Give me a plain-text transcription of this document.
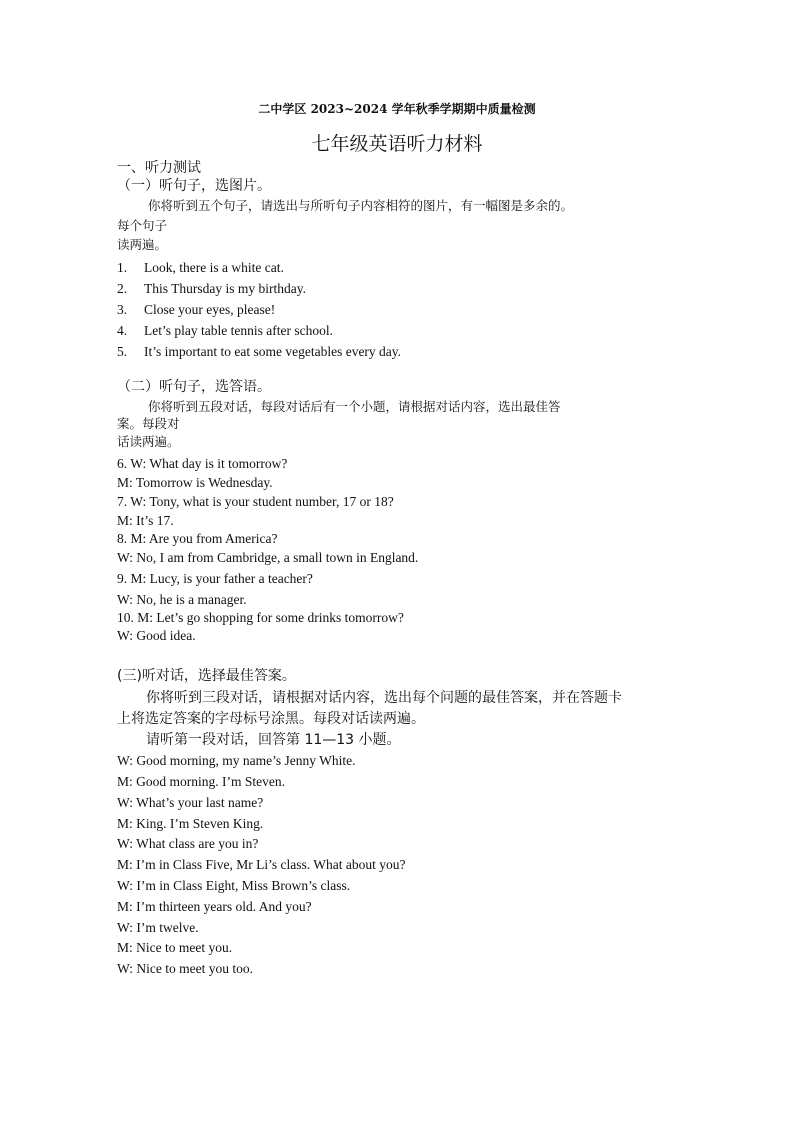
二中学区 2023~2024 学年秋季学期期中质量检测
七年级英语听力材料
一、听力测试
（一）听句子，选图片。
你将听到五个句子，请选出与所听句子内容相符的图片，有一幅图是多余的。
每个句子
读两遍。
1. Look, there is a white cat.
2. This Thursday is my birthday.
3. Close your eyes, please!
4. Let’s play table tennis after school.
5. It’s important to eat some vegetables every day.
（二）听句子，选答语。
你将听到五段对话，每段对话后有一个小题，请根据对话内容，选出最佳答
案。每段对
话读两遍。
6. W: What day is it tomorrow?
M: Tomorrow is Wednesday.
7. W: Tony, what is your student number, 17 or 18?
M: It’s 17.
8. M: Are you from America?
W: No, I am from Cambridge, a small town in England.
9. M: Lucy, is your father a teacher?
W: No, he is a manager.
10. M: Let’s go shopping for some drinks tomorrow?
W: Good idea.
(三)听对话，选择最佳答案。
你将听到三段对话，请根据对话内容，选出每个问题的最佳答案，并在答题卡
上将选定答案的字母标号涂黑。每段对话读两遍。
请听第一段对话，回答第 11—13 小题。
W: Good morning, my name’s Jenny White.
M: Good morning. I’m Steven.
W: What’s your last name?
M: King. I’m Steven King.
W: What class are you in?
M: I’m in Class Five, Mr Li’s class. What about you?
W: I’m in Class Eight, Miss Brown’s class.
M: I’m thirteen years old. And you?
W: I’m twelve.
M: Nice to meet you.
W: Nice to meet you too.
